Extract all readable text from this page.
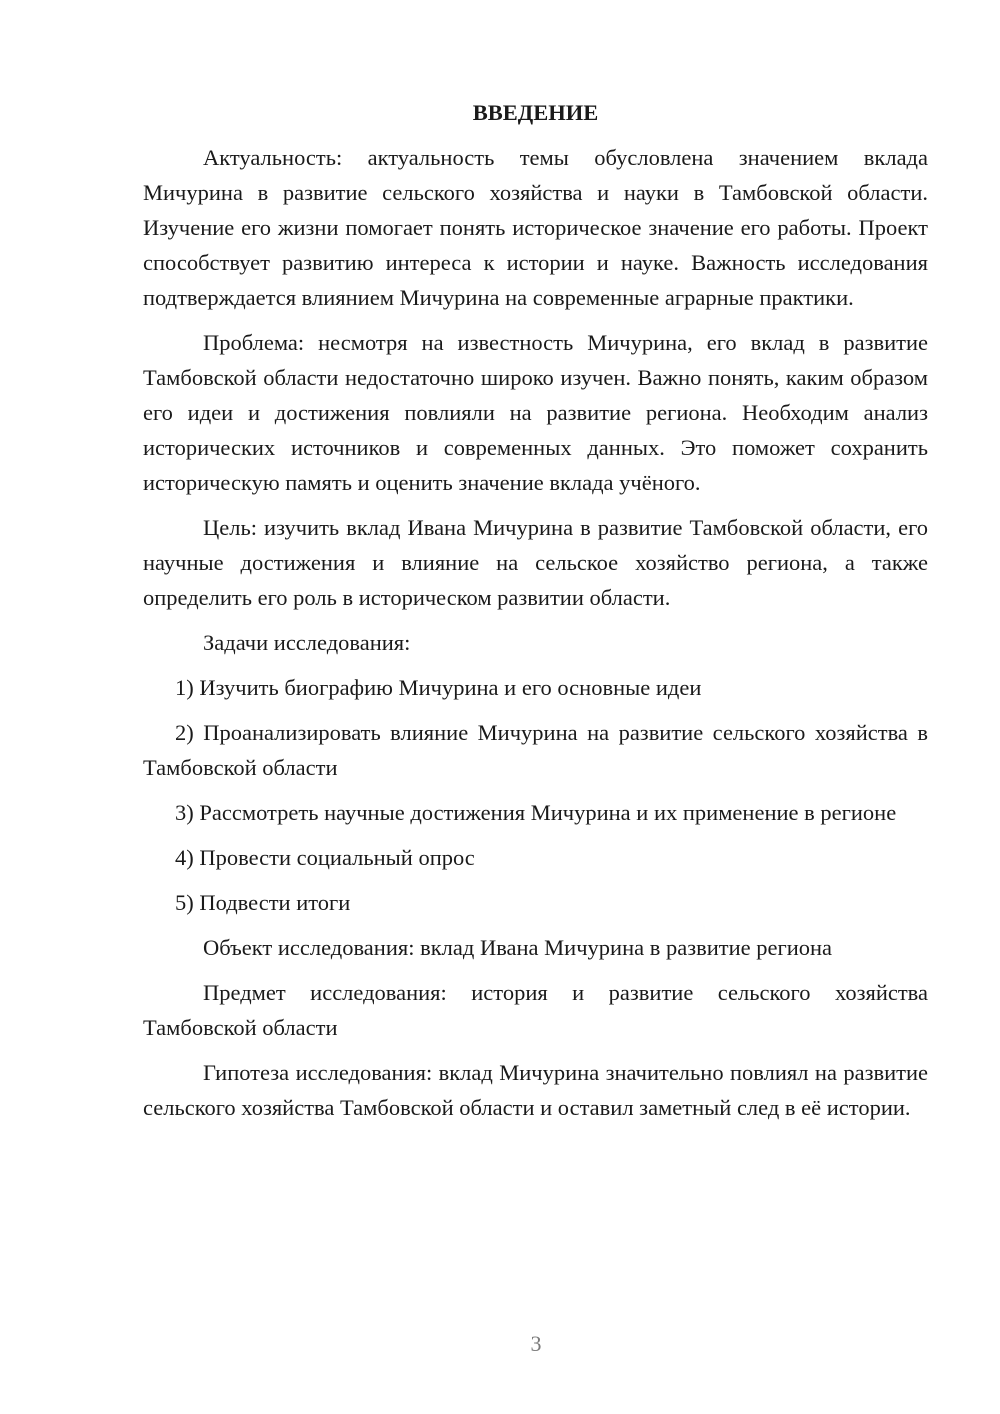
ВВЕДЕНИЕ

Актуальность: актуальность темы обусловлена значением вклада Мичурина в развитие сельского хозяйства и науки в Тамбовской области. Изучение его жизни помогает понять историческое значение его работы. Проект способствует развитию интереса к истории и науке. Важность исследования подтверждается влиянием Мичурина на современные аграрные практики.

Проблема: несмотря на известность Мичурина, его вклад в развитие Тамбовской области недостаточно широко изучен. Важно понять, каким образом его идеи и достижения повлияли на развитие региона. Необходим анализ исторических источников и современных данных. Это поможет сохранить историческую память и оценить значение вклада учёного.

Цель: изучить вклад Ивана Мичурина в развитие Тамбовской области, его научные достижения и влияние на сельское хозяйство региона, а также определить его роль в историческом развитии области.

Задачи исследования:

1) Изучить биографию Мичурина и его основные идеи

2) Проанализировать влияние Мичурина на развитие сельского хозяйства в Тамбовской области

3) Рассмотреть научные достижения Мичурина и их применение в регионе

4) Провести социальный опрос

5) Подвести итоги

Объект исследования: вклад Ивана Мичурина в развитие региона

Предмет исследования: история и развитие сельского хозяйства Тамбовской области

Гипотеза исследования: вклад Мичурина значительно повлиял на развитие сельского хозяйства Тамбовской области и оставил заметный след в её истории.

3
